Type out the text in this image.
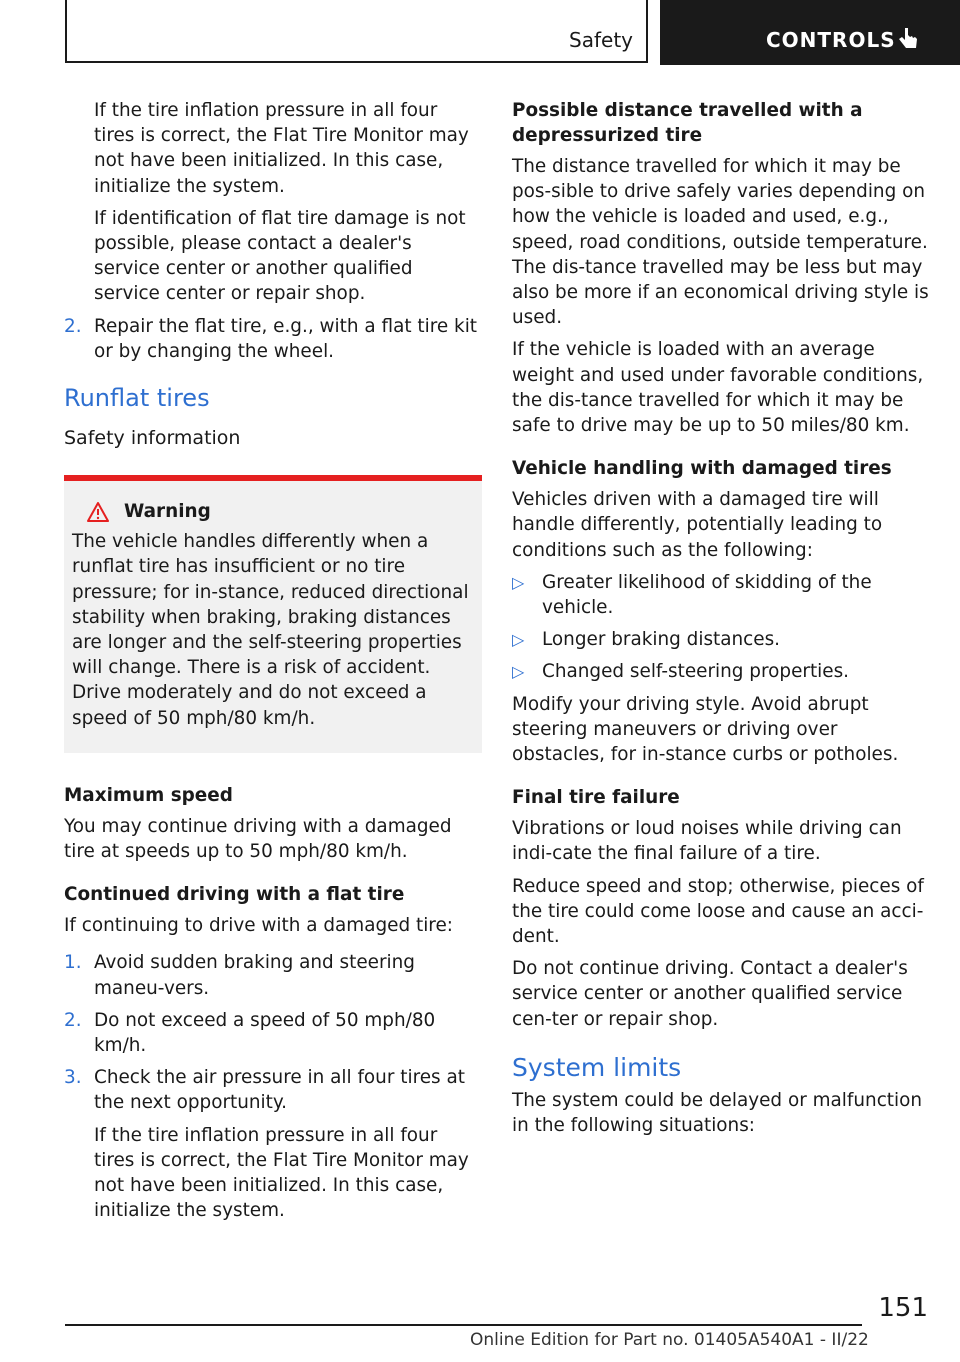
Safety	CONTROLS

If the tire inflation pressure in all four tires is correct, the Flat Tire Monitor may not have been initialized. In this case, initialize the system.

If identification of flat tire damage is not possible, please contact a dealer's service center or another qualified service center or repair shop.

2. Repair the flat tire, e.g., with a flat tire kit or by changing the wheel.
Runflat tires
Safety information
Warning
The vehicle handles differently when a runflat tire has insufficient or no tire pressure; for in-stance, reduced directional stability when braking, braking distances are longer and the self-steering properties will change. There is a risk of accident. Drive moderately and do not exceed a speed of 50 mph/80 km/h.
Maximum speed

You may continue driving with a damaged tire at speeds up to 50 mph/80 km/h.

Continued driving with a flat tire

If continuing to drive with a damaged tire:

1. Avoid sudden braking and steering maneu-vers.
2. Do not exceed a speed of 50 mph/80 km/h.
3. Check the air pressure in all four tires at the next opportunity.

If the tire inflation pressure in all four tires is correct, the Flat Tire Monitor may not have been initialized. In this case, initialize the system.

Possible distance travelled with a depressurized tire

The distance travelled for which it may be pos-sible to drive safely varies depending on how the vehicle is loaded and used, e.g., speed, road conditions, outside temperature. The dis-tance travelled may be less but may also be more if an economical driving style is used.

If the vehicle is loaded with an average weight and used under favorable conditions, the dis-tance travelled for which it may be safe to drive may be up to 50 miles/80 km.

Vehicle handling with damaged tires

Vehicles driven with a damaged tire will handle differently, potentially leading to conditions such as the following:

▷ Greater likelihood of skidding of the vehicle.
▷ Longer braking distances.
▷ Changed self-steering properties.

Modify your driving style. Avoid abrupt steering maneuvers or driving over obstacles, for in-stance curbs or potholes.

Final tire failure

Vibrations or loud noises while driving can indi-cate the final failure of a tire.

Reduce speed and stop; otherwise, pieces of the tire could come loose and cause an acci-dent.

Do not continue driving. Contact a dealer's service center or another qualified service cen-ter or repair shop.

System limits

The system could be delayed or malfunction in the following situations:

151
Online Edition for Part no. 01405A540A1 - II/22
